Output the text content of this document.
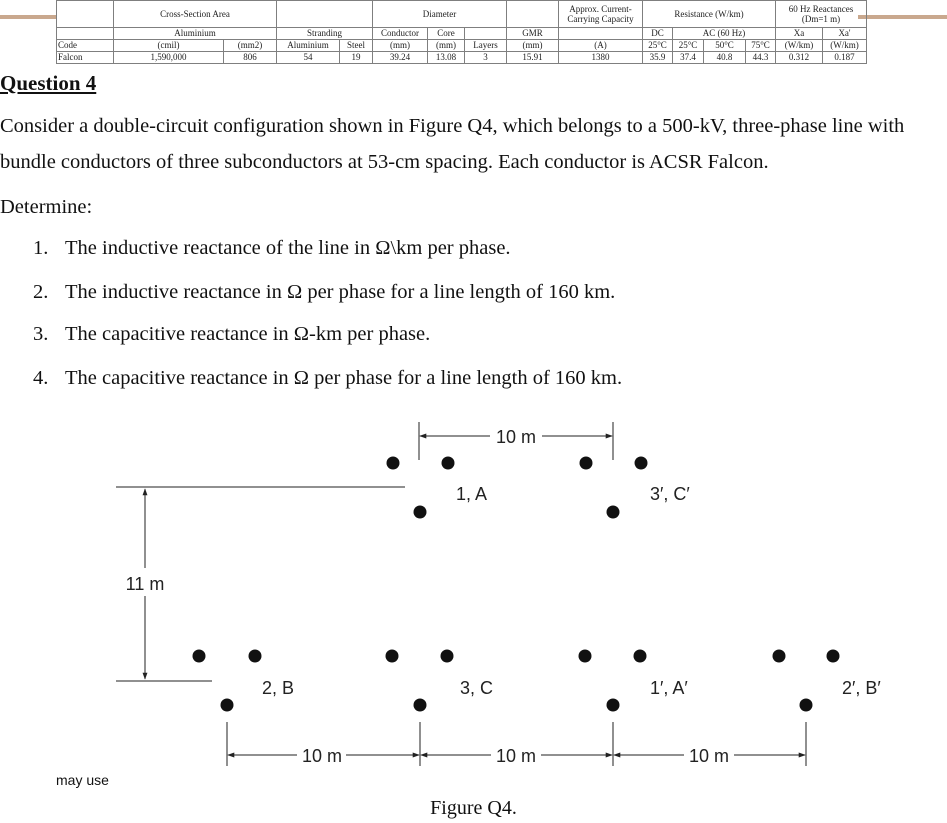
	Cross-Section Area				Diameter				Approx. Current-
Carrying Capacity	Resistance (W/km)				60 Hz Reactances
(Dm=1 m)	
	Aluminium		Stranding		Conductor	Core		GMR		DC	AC (60 Hz)			Xa	Xa'
Code	(cmil)	(mm2)	Aluminium	Steel	(mm)	(mm)	Layers	(mm)	(A)	25°C	25°C	50°C	75°C	(W/km)	(W/km)
Falcon	1,590,000	806	54	19	39.24	13.08	3	15.91	1380	35.9	37.4	40.8	44.3	0.312	0.187
Question 4

Consider a double-circuit configuration shown in Figure Q4, which belongs to a 500-kV, three-phase line with

bundle conductors of three subconductors at 53-cm spacing. Each conductor is ACSR Falcon.

Determine:

1. The inductive reactance of the line in Ω\km per phase.

2. The inductive reactance in Ω per phase for a line length of 160 km.

3. The capacitive reactance in Ω-km per phase.

4. The capacitive reactance in Ω per phase for a line length of 160 km.

10 m
11 m
1, A	3′, C′
2, B	3, C	1′, A′	2′, B′
10 m	10 m	10 m

may use

Figure Q4.
